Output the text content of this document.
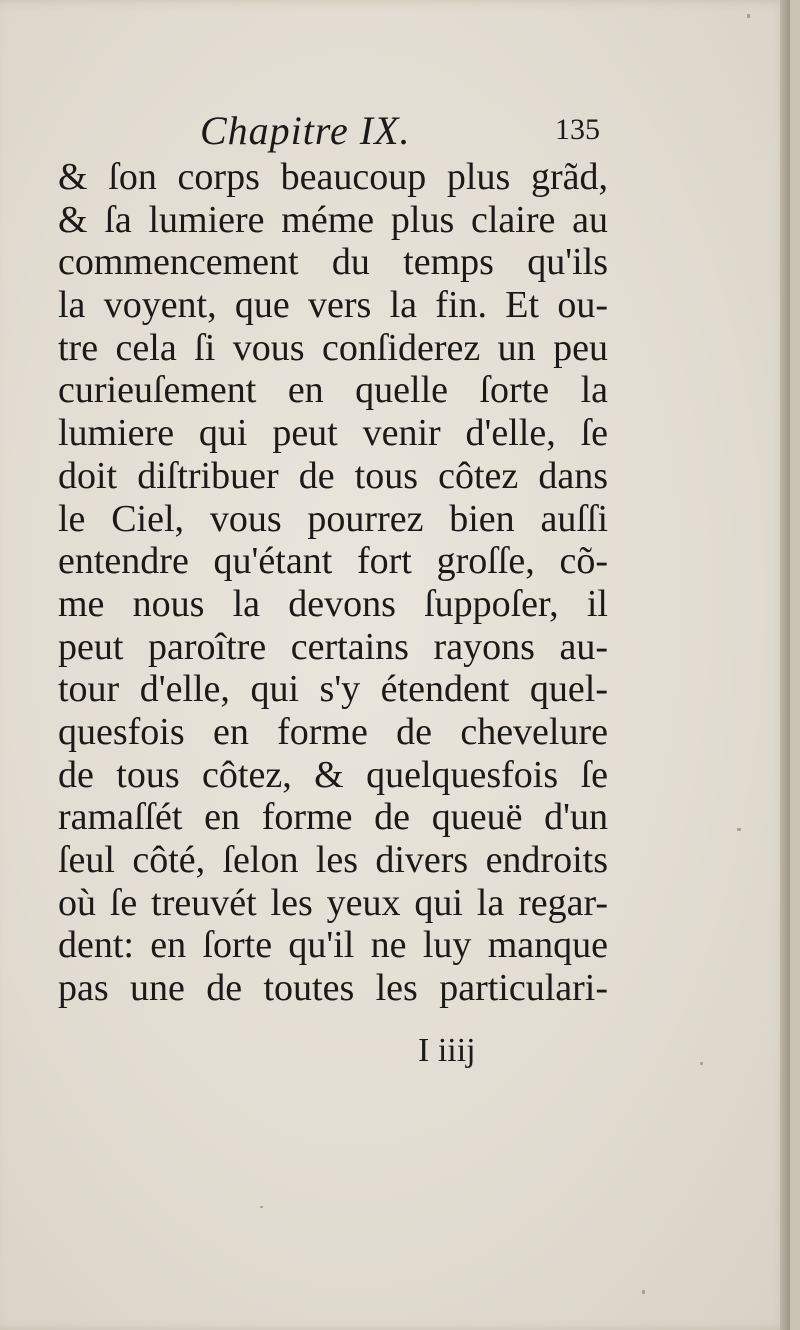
Chapitre IX.	135
& ſon corps beaucoup plus grãd,
& ſa lumiere méme plus claire au
commencement du temps qu'ils
la voyent, que vers la fin. Et ou-
tre cela ſi vous conſiderez un peu
curieuſement en quelle ſorte la
lumiere qui peut venir d'elle, ſe
doit diſtribuer de tous côtez dans
le Ciel, vous pourrez bien auſſi
entendre qu'étant fort groſſe, cõ-
me nous la devons ſuppoſer, il
peut paroître certains rayons au-
tour d'elle, qui s'y étendent quel-
quesfois en forme de chevelure
de tous côtez, & quelquesfois ſe
ramaſſét en forme de queuë d'un
ſeul côté, ſelon les divers endroits
où ſe treuvét les yeux qui la regar-
dent: en ſorte qu'il ne luy manque
pas une de toutes les particulari-
I iiij
